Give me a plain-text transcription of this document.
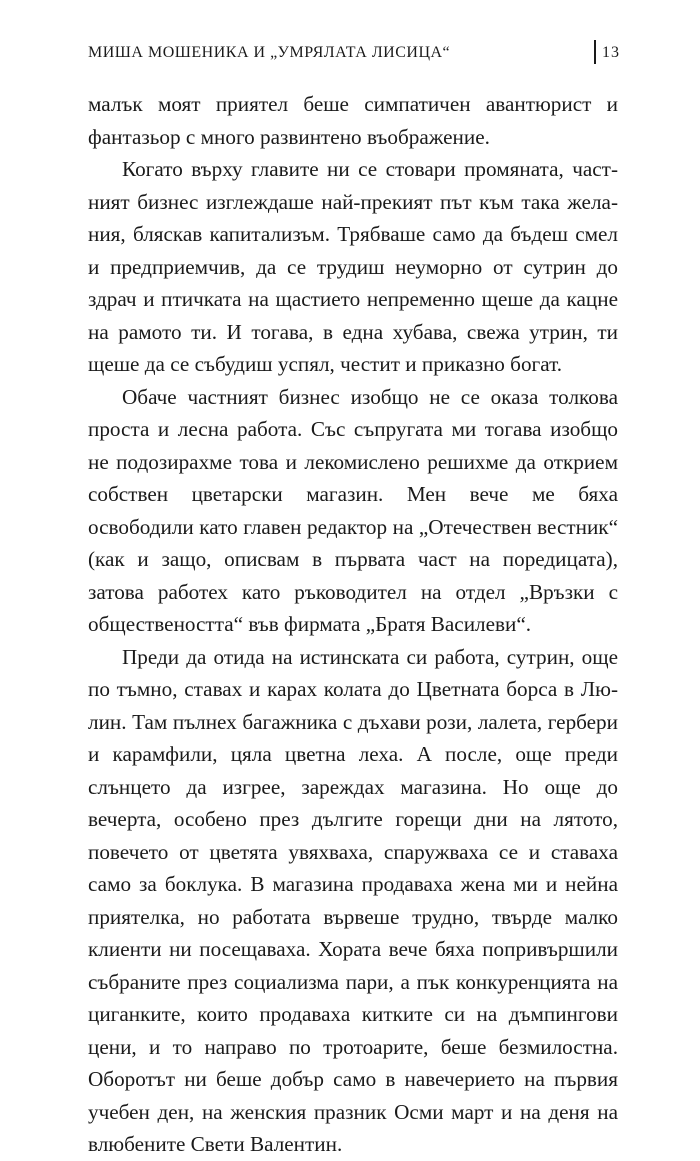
МИША МОШЕНИКА И „УМРЯЛАТА ЛИСИЦА“	13

малък моят приятел беше симпатичен авантюрист и фантазьор с много развинтено въображение.

Когато върху главите ни се стовари промяната, частният бизнес изглеждаше най-прекият път към така желания, бляскав капитализъм. Трябваше само да бъдеш смел и предприемчив, да се трудиш неуморно от сутрин до здрач и птичката на щастието непременно щеше да кацне на рамото ти. И тогава, в една хубава, свежа утрин, ти щеше да се събудиш успял, честит и приказно богат.

Обаче частният бизнес изобщо не се оказа толкова проста и лесна работа. Със съпругата ми тогава изобщо не подозирахме това и лекомислено решихме да открием собствен цветарски магазин. Мен вече ме бяха освободили като главен редактор на „Отечествен вестник“ (как и защо, описвам в първата част на поредицата), затова работех като ръководител на отдел „Връзки с обществеността“ във фирмата „Братя Василеви“.

Преди да отида на истинската си работа, сутрин, още по тъмно, ставах и карах колата до Цветната борса в Люлин. Там пълнех багажника с дъхави рози, лалета, гербери и карамфили, цяла цветна леха. А после, още преди слънцето да изгрее, зареждах магазина. Но още до вечерта, особено през дългите горещи дни на лятото, повечето от цветята увяхваха, спаружваха се и ставаха само за боклука. В магазина продаваха жена ми и нейна приятелка, но работата вървеше трудно, твърде малко клиенти ни посещаваха. Хората вече бяха попривършили събраните през социализма пари, а пък конкуренцията на циганките, които продаваха китките си на дъмпингови цени, и то направо по тротоарите, беше безмилостна. Оборотът ни беше добър само в навечерието на първия учебен ден, на женския празник Осми март и на деня на влюбените Свети Валентин.
